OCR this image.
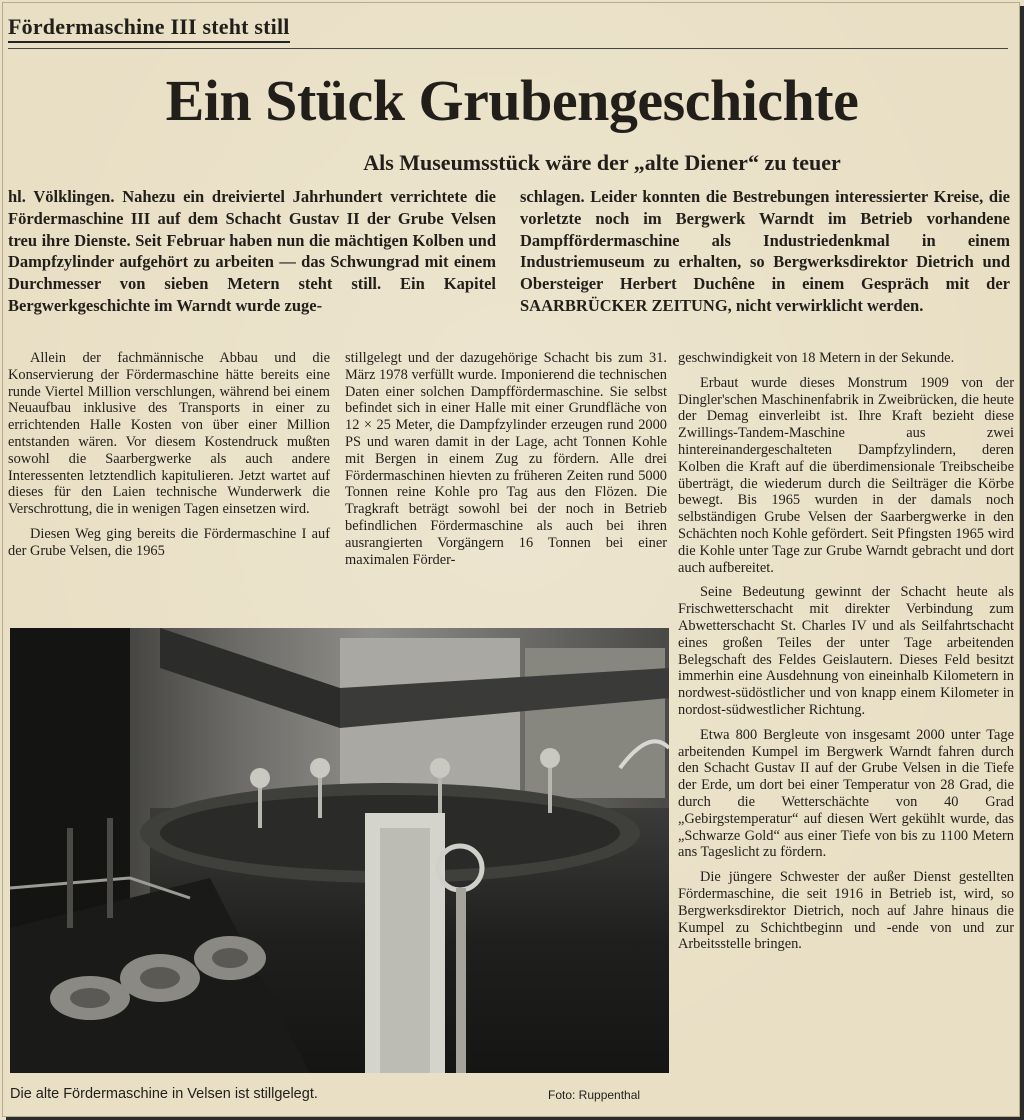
Fördermaschine III steht still
Ein Stück Grubengeschichte
Als Museumsstück wäre der „alte Diener“ zu teuer
hl. Völklingen. Nahezu ein dreiviertel Jahrhundert verrichtete die Fördermaschine III auf dem Schacht Gustav II der Grube Velsen treu ihre Dienste. Seit Februar haben nun die mächtigen Kolben und Dampfzylinder aufgehört zu arbeiten — das Schwungrad mit einem Durchmesser von sieben Metern steht still. Ein Kapitel Bergwerkgeschichte im Warndt wurde zuge-
schlagen. Leider konnten die Bestrebungen interessierter Kreise, die vorletzte noch im Bergwerk Warndt im Betrieb vorhandene Dampffördermaschine als Industriedenkmal in einem Industriemuseum zu erhalten, so Bergwerksdirektor Dietrich und Obersteiger Herbert Duchêne in einem Gespräch mit der SAARBRÜCKER ZEITUNG, nicht verwirklicht werden.

Allein der fachmännische Abbau und die Konservierung der Fördermaschine hätte bereits eine runde Viertel Million verschlungen, während bei einem Neuaufbau inklusive des Transports in einer zu errichtenden Halle Kosten von über einer Million entstanden wären. Vor diesem Kostendruck mußten sowohl die Saarbergwerke als auch andere Interessenten letztendlich kapitulieren. Jetzt wartet auf dieses für den Laien technische Wunderwerk die Verschrottung, die in wenigen Tagen einsetzen wird.

Diesen Weg ging bereits die Fördermaschine I auf der Grube Velsen, die 1965

stillgelegt und der dazugehörige Schacht bis zum 31. März 1978 verfüllt wurde. Imponierend die technischen Daten einer solchen Dampffördermaschine. Sie selbst befindet sich in einer Halle mit einer Grundfläche von 12 × 25 Meter, die Dampfzylinder erzeugen rund 2000 PS und waren damit in der Lage, acht Tonnen Kohle mit Bergen in einem Zug zu fördern. Alle drei Fördermaschinen hievten zu früheren Zeiten rund 5000 Tonnen reine Kohle pro Tag aus den Flözen. Die Tragkraft beträgt sowohl bei der noch in Betrieb befindlichen Fördermaschine als auch bei ihren ausrangierten Vorgängern 16 Tonnen bei einer maximalen Förder-

geschwindigkeit von 18 Metern in der Sekunde.

Erbaut wurde dieses Monstrum 1909 von der Dingler'schen Maschinenfabrik in Zweibrücken, die heute der Demag einverleibt ist. Ihre Kraft bezieht diese Zwillings-Tandem-Maschine aus zwei hintereinandergeschalteten Dampfzylindern, deren Kolben die Kraft auf die überdimensionale Treibscheibe überträgt, die wiederum durch die Seilträger die Körbe bewegt. Bis 1965 wurden in der damals noch selbständigen Grube Velsen der Saarbergwerke in den Schächten noch Kohle gefördert. Seit Pfingsten 1965 wird die Kohle unter Tage zur Grube Warndt gebracht und dort auch aufbereitet.

Seine Bedeutung gewinnt der Schacht heute als Frischwetterschacht mit direkter Verbindung zum Abwetterschacht St. Charles IV und als Seilfahrtschacht eines großen Teiles der unter Tage arbeitenden Belegschaft des Feldes Geislautern. Dieses Feld besitzt immerhin eine Ausdehnung von eineinhalb Kilometern in nordwest-südöstlicher und von knapp einem Kilometer in nordost-südwestlicher Richtung.

Etwa 800 Bergleute von insgesamt 2000 unter Tage arbeitenden Kumpel im Bergwerk Warndt fahren durch den Schacht Gustav II auf der Grube Velsen in die Tiefe der Erde, um dort bei einer Temperatur von 28 Grad, die durch die Wetterschächte von 40 Grad „Gebirgstemperatur“ auf diesen Wert gekühlt wurde, das „Schwarze Gold“ aus einer Tiefe von bis zu 1100 Metern ans Tageslicht zu fördern.

Die jüngere Schwester der außer Dienst gestellten Fördermaschine, die seit 1916 in Betrieb ist, wird, so Bergwerksdirektor Dietrich, noch auf Jahre hinaus die Kumpel zu Schichtbeginn und -ende von und zur Arbeitsstelle bringen.

Die alte Fördermaschine in Velsen ist stillgelegt.	Foto: Ruppenthal
